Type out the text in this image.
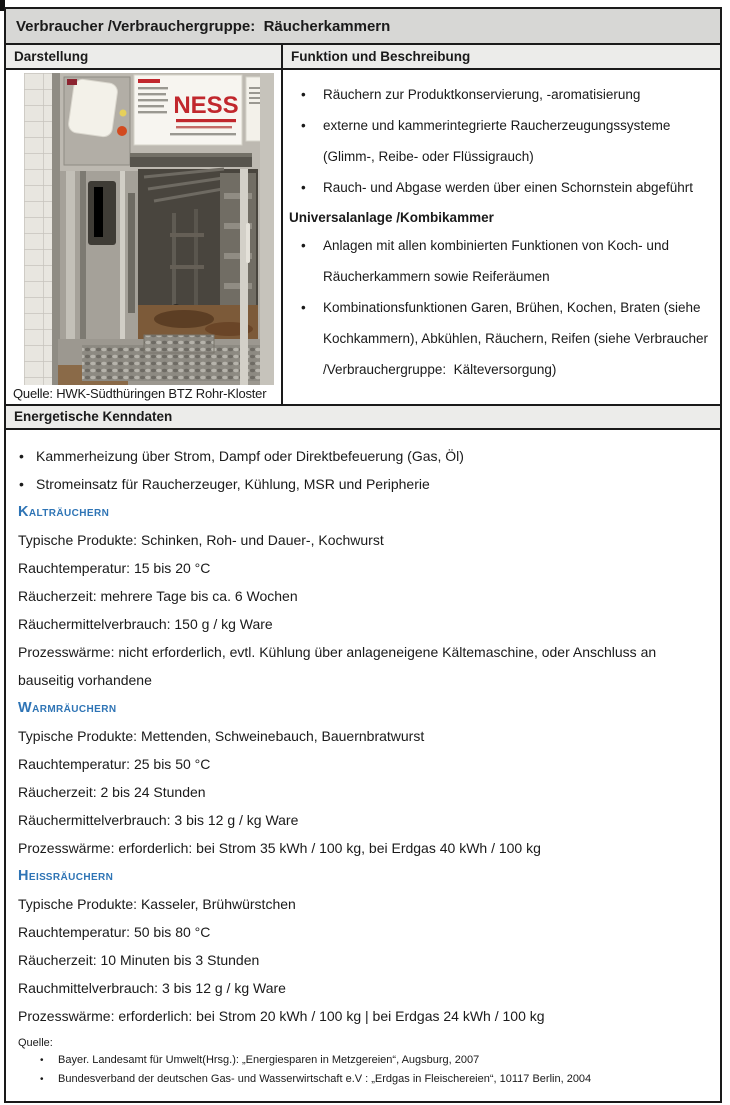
Verbraucher /Verbrauchergruppe:  Räucherkammern
Darstellung	Funktion und Beschreibung
NESS
Quelle: HWK-Südthüringen BTZ Rohr-Kloster
•	Räuchern zur Produktkonservierung, -aromatisierung
•	externe und kammerintegrierte Raucherzeugungssysteme (Glimm-, Reibe- oder Flüssigrauch)
•	Rauch- und Abgase werden über einen Schornstein abgeführt
Universalanlage /Kombikammer
•	Anlagen mit allen kombinierten Funktionen von Koch- und Räucherkammern sowie Reiferäumen
•	Kombinationsfunktionen Garen, Brühen, Kochen, Braten (siehe Kochkammern), Abkühlen, Räuchern, Reifen (siehe Verbraucher /Verbrauchergruppe:  Kälteversorgung)
Energetische Kenndaten
• Kammerheizung über Strom, Dampf oder Direktbefeuerung (Gas, Öl)
• Stromeinsatz für Raucherzeuger, Kühlung, MSR und Peripherie
Kalträuchern

Typische Produkte: Schinken, Roh- und Dauer-, Kochwurst

Rauchtemperatur: 15 bis 20 °C

Räucherzeit: mehrere Tage bis ca. 6 Wochen

Räuchermittelverbrauch: 150 g / kg Ware

Prozesswärme: nicht erforderlich, evtl. Kühlung über anlageneigene Kältemaschine, oder Anschluss an bauseitig vorhandene

Warmräuchern

Typische Produkte: Mettenden, Schweinebauch, Bauernbratwurst

Rauchtemperatur: 25 bis 50 °C

Räucherzeit: 2 bis 24 Stunden

Räuchermittelverbrauch: 3 bis 12 g / kg Ware

Prozesswärme: erforderlich: bei Strom 35 kWh / 100 kg, bei Erdgas 40 kWh / 100 kg

Heißräuchern

Typische Produkte: Kasseler, Brühwürstchen

Rauchtemperatur: 50 bis 80 °C

Räucherzeit: 10 Minuten bis 3 Stunden

Rauchmittelverbrauch: 3 bis 12 g / kg Ware

Prozesswärme: erforderlich: bei Strom 20 kWh / 100 kg | bei Erdgas 24 kWh / 100 kg

Quelle:
•	Bayer. Landesamt für Umwelt(Hrsg.): „Energiesparen in Metzgereien“, Augsburg, 2007
•	Bundesverband der deutschen Gas- und Wasserwirtschaft e.V : „Erdgas in Fleischereien“, 10117 Berlin, 2004
